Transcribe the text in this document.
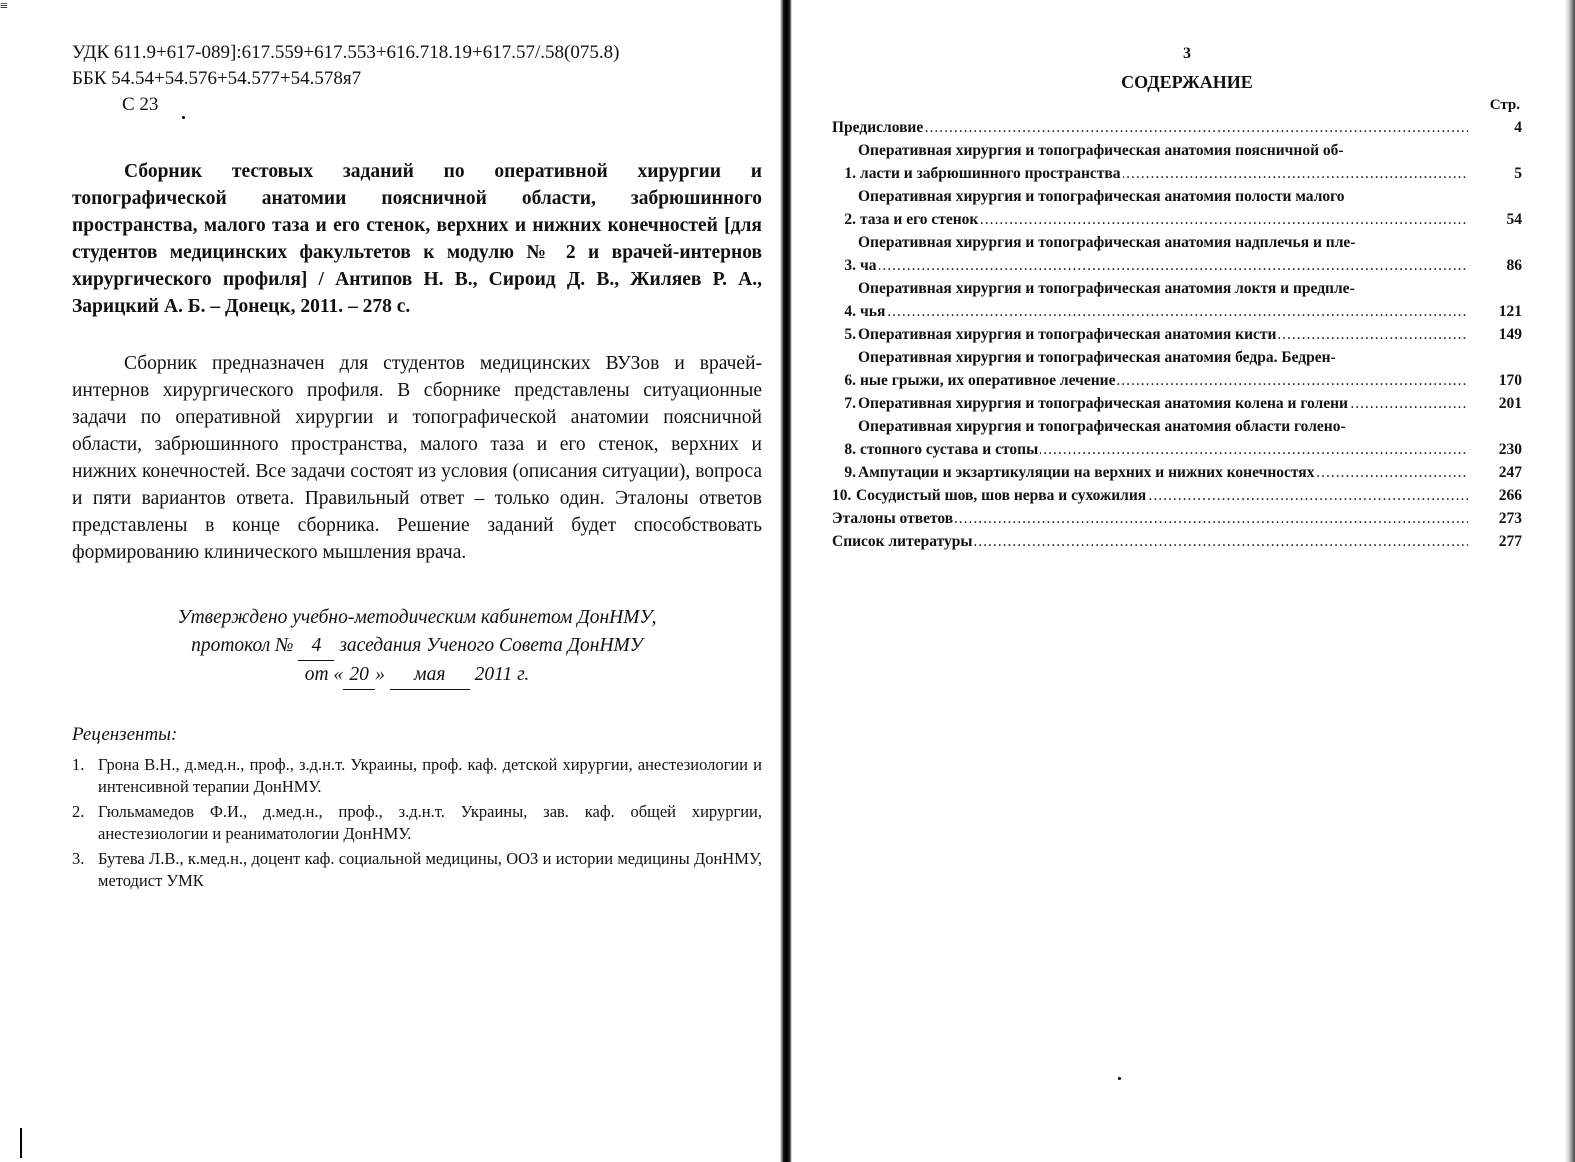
≡
УДК 611.9+617-089]:617.559+617.553+616.718.19+617.57/.58(075.8)
ББК 54.54+54.576+54.577+54.578я7
С 23

Сборник тестовых заданий по оперативной хирургии и топографической анатомии поясничной области, забрюшинного пространства, малого таза и его стенок, верхних и нижних конечностей [для студентов медицинских факультетов к модулю № 2 и врачей-интернов хирургического профиля] / Антипов Н. В., Сироид Д. В., Жиляев Р. А., Зарицкий А. Б. – Донецк, 2011. – 278 с.

Сборник предназначен для студентов медицинских ВУЗов и врачей-интернов хирургического профиля. В сборнике представлены ситуационные задачи по оперативной хирургии и топографической анатомии поясничной области, забрюшинного пространства, малого таза и его стенок, верхних и нижних конечностей. Все задачи состоят из условия (описания ситуации), вопроса и пяти вариантов ответа. Правильный ответ – только один. Эталоны ответов представлены в конце сборника. Решение заданий будет способствовать формированию клинического мышления врача.

Утверждено учебно-методическим кабинетом ДонНМУ,
протокол № 4 заседания Ученого Совета ДонНМУ
от « 20 » мая 2011 г.
Рецензенты:
1. Грона В.Н., д.мед.н., проф., з.д.н.т. Украины, проф. каф. детской хирургии, анестезиологии и интенсивной терапии ДонНМУ.
2. Гюльмамедов Ф.И., д.мед.н., проф., з.д.н.т. Украины, зав. каф. общей хирургии, анестезиологии и реаниматологии ДонНМУ.
3. Бутева Л.В., к.мед.н., доцент каф. социальной медицины, ООЗ и истории медицины ДонНМУ, методист УМК
3
СОДЕРЖАНИЕ
Стр.
Предисловие .....	4
1.
Оперативная хирургия и топографическая анатомия поясничной об-
ласти и забрюшинного пространства .....	5
2.
Оперативная хирургия и топографическая анатомия полости малого
таза и его стенок .....	54
3.
Оперативная хирургия и топографическая анатомия надплечья и пле-
ча .....	86
4.
Оперативная хирургия и топографическая анатомия локтя и предпле-
чья .....	121
5. Оперативная хирургия и топографическая анатомия кисти .....	149
6.
Оперативная хирургия и топографическая анатомия бедра. Бедрен-
ные грыжи, их оперативное лечение .....	170
7. Оперативная хирургия и топографическая анатомия колена и голени .....	201
8.
Оперативная хирургия и топографическая анатомия области голено-
стопного сустава и стопы .....	230
9. Ампутации и экзартикуляции на верхних и нижних конечностях .....	247
10. Сосудистый шов, шов нерва и сухожилия .....	266
Эталоны ответов .....	273
Список литературы .....	277
